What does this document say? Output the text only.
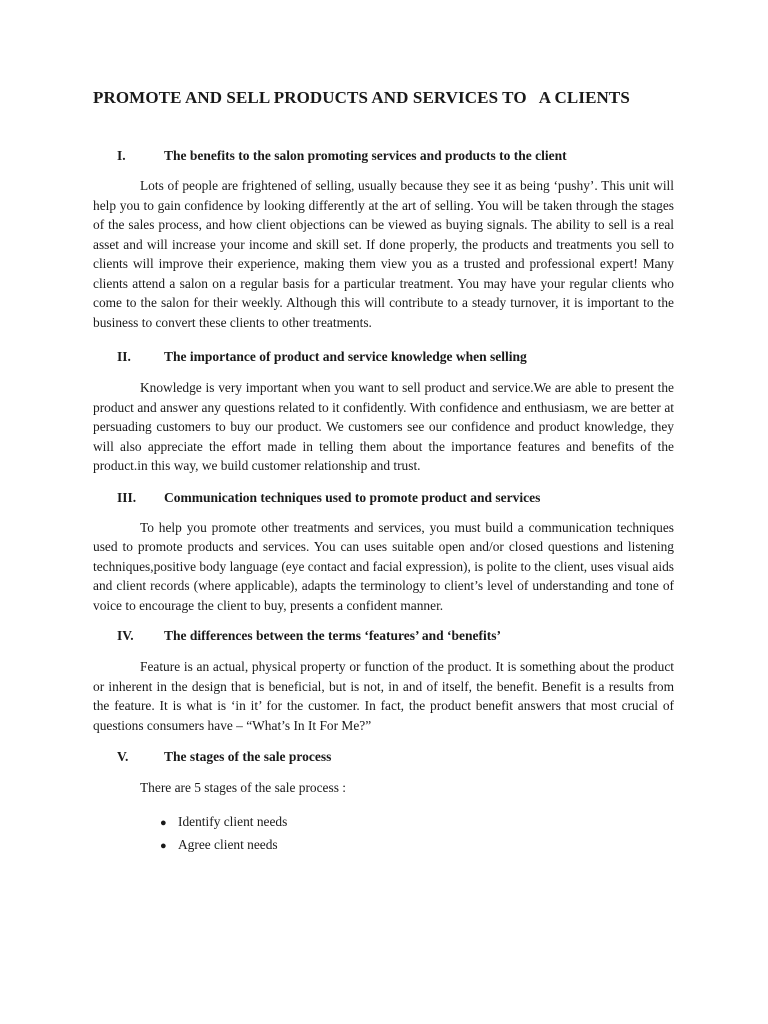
PROMOTE AND SELL PRODUCTS AND SERVICES TO   A CLIENTS
I.	The benefits to the salon promoting services and products to the client

Lots of people are frightened of selling, usually because they see it as being ‘pushy’. This unit will help you to gain confidence by looking differently at the art of selling. You will be taken through the stages of the sales process, and how client objections can be viewed as buying signals. The ability to sell is a real asset and will increase your income and skill set. If done properly, the products and treatments you sell to clients will improve their experience, making them view you as a trusted and professional expert! Many clients attend a salon on a regular basis for a particular treatment. You may have your regular clients who come to the salon for their weekly. Although this will contribute to a steady turnover, it is important to the business to convert these clients to other treatments.

II.	The importance of product and service knowledge when selling

Knowledge is very important when you want to sell product and service.We are able to present the product and answer any questions related to it confidently. With confidence and enthusiasm, we are better at persuading customers to buy our product. We customers see our confidence and product knowledge, they will also appreciate the effort made in telling them about the importance features and benefits of the product.in this way, we build customer relationship and trust.

III.	Communication techniques used to promote product and services

To help you promote other treatments and services, you must build a communication techniques used to promote products and services. You can uses suitable open and/or closed questions and listening techniques,positive body language (eye contact and facial expression), is polite to the client, uses visual aids and client records (where applicable), adapts the terminology to client’s level of understanding and tone of voice to encourage the client to buy, presents a confident manner.

IV.	The differences between the terms ‘features’ and ‘benefits’

Feature is an actual, physical property or function of the product. It is something about the product or inherent in the design that is beneficial, but is not, in and of itself, the benefit. Benefit is a results from the feature. It is what is ‘in it’ for the customer. In fact, the product benefit answers that most crucial of questions consumers have – “What’s In It For Me?”

V.	The stages of the sale process

There are 5 stages of the sale process :

● Identify client needs
● Agree client needs
